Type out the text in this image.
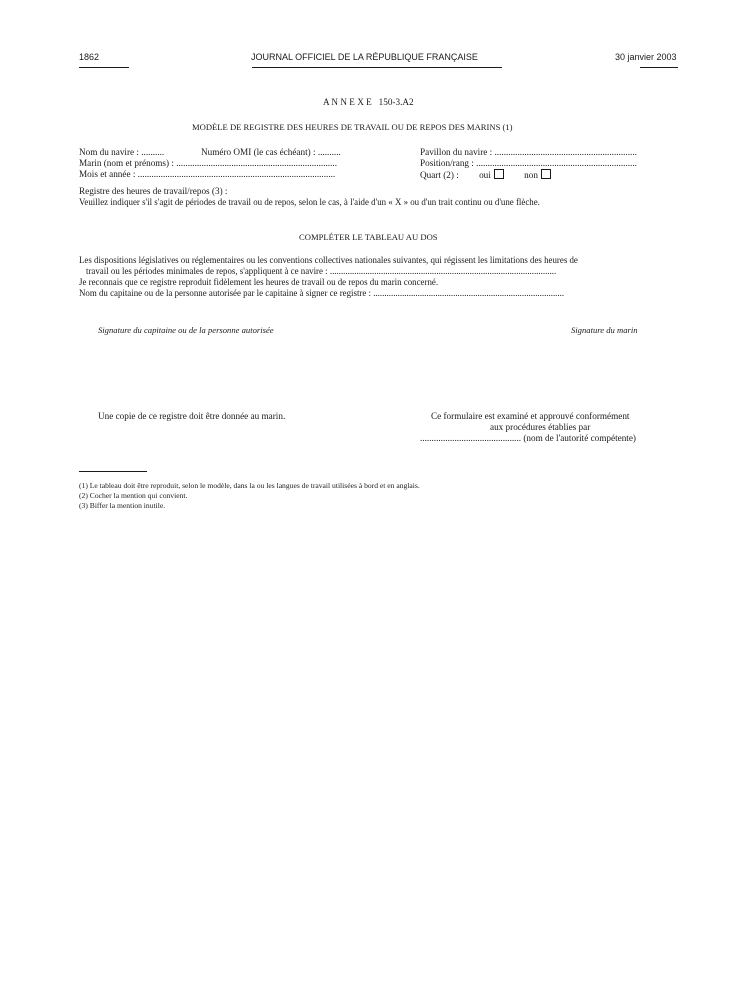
1862	JOURNAL OFFICIEL DE LA RÉPUBLIQUE FRANÇAISE	30 janvier 2003
A N N E X E   150-3.A2
MODÈLE DE REGISTRE DES HEURES DE TRAVAIL OU DE REPOS DES MARINS (1)
Nom du navire : ..........	Numéro OMI (le cas échéant) : ..........	Pavillon du navire : ..............................................................
Marin (nom et prénoms) : ......................................................................	Position/rang : ......................................................................
Mois et année : ......................................................................................	Quart (2) : oui	non
Registre des heures de travail/repos (3) :
Veuillez indiquer s'il s'agit de périodes de travail ou de repos, selon le cas, à l'aide d'un « X » ou d'un trait continu ou d'une flèche.
COMPLÉTER LE TABLEAU AU DOS
Les dispositions législatives ou réglementaires ou les conventions collectives nationales suivantes, qui régissent les limitations des heures de
travail ou les périodes minimales de repos, s'appliquent à ce navire : ......................................................................................................
Je reconnais que ce registre reproduit fidèlement les heures de travail ou de repos du marin concerné.
Nom du capitaine ou de la personne autorisée par le capitaine à signer ce registre : ......................................................................................
Signature du capitaine ou de la personne autorisée	Signature du marin
Une copie de ce registre doit être donnée au marin.	Ce formulaire est examiné et approuvé conformément
aux procédures établies par
............................................ (nom de l'autorité compétente)
(1) Le tableau doit être reproduit, selon le modèle, dans la ou les langues de travail utilisées à bord et en anglais.
(2) Cocher la mention qui convient.
(3) Biffer la mention inutile.
